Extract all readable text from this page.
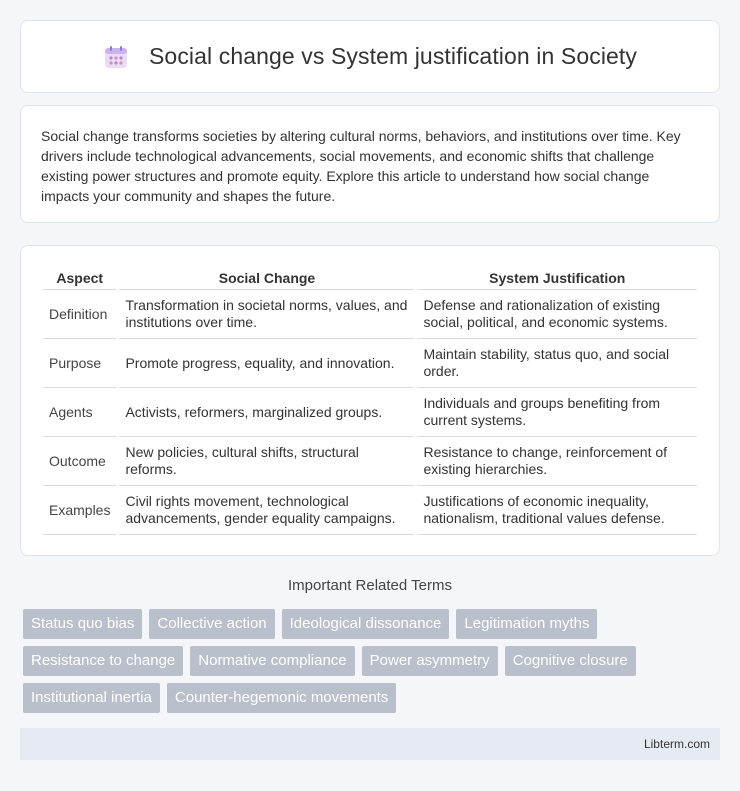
Social change vs System justification in Society

Social change transforms societies by altering cultural norms, behaviors, and institutions over time. Key drivers include technological advancements, social movements, and economic shifts that challenge existing power structures and promote equity. Explore this article to understand how social change impacts your community and shapes the future.

Aspect		Social Change		System Justification
Definition		Transformation in societal norms, values, and institutions over time.		Defense and rationalization of existing social, political, and economic systems.
Purpose		Promote progress, equality, and innovation.		Maintain stability, status quo, and social order.
Agents		Activists, reformers, marginalized groups.		Individuals and groups benefiting from current systems.
Outcome		New policies, cultural shifts, structural reforms.		Resistance to change, reinforcement of existing hierarchies.
Examples		Civil rights movement, technological advancements, gender equality campaigns.		Justifications of economic inequality, nationalism, traditional values defense.
Important Related Terms
Status quo bias	Collective action	Ideological dissonance	Legitimation myths
Resistance to change	Normative compliance	Power asymmetry	Cognitive closure
Institutional inertia	Counter-hegemonic movements
Libterm.com
